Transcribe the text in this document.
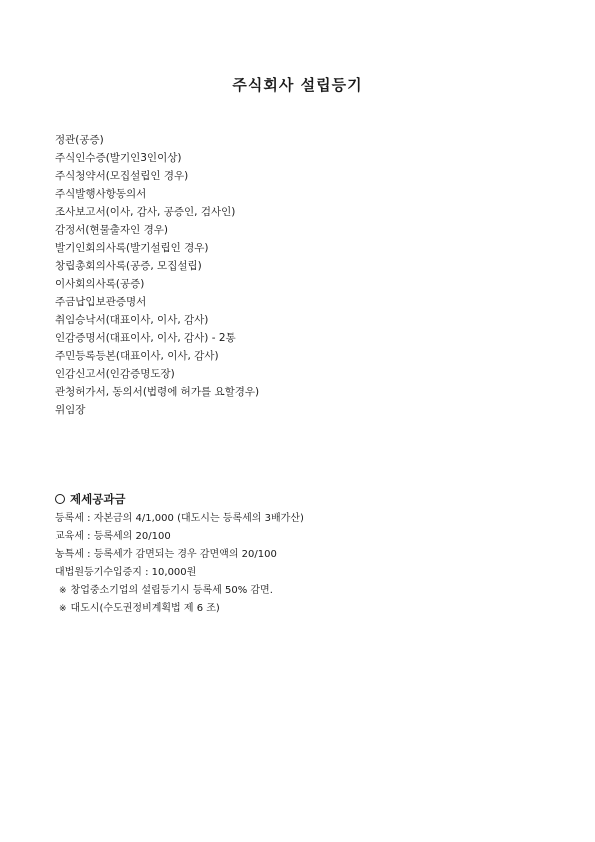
주식회사 설립등기
정관(공증)
주식인수증(발기인3인이상)
주식청약서(모집설립인 경우)
주식발행사항동의서
조사보고서(이사, 감사, 공증인, 검사인)
감정서(현물출자인 경우)
발기인회의사록(발기설립인 경우)
창립총회의사록(공증, 모집설립)
이사회의사록(공증)
주금납입보관증명서
취임승낙서(대표이사, 이사, 감사)
인감증명서(대표이사, 이사, 감사) - 2통
주민등록등본(대표이사, 이사, 감사)
인감신고서(인감증명도장)
관청허가서, 동의서(법령에 허가를 요할경우)
위임장
제세공과금
등록세 : 자본금의 4/1,000 (대도시는 등록세의 3배가산)
교육세 : 등록세의 20/100
농특세 : 등록세가 감면되는 경우 감면액의 20/100
대법원등기수입증지 : 10,000원
※ 창업중소기업의 설립등기시 등록세 50% 감면.
※ 대도시(수도권정비계획법 제 6 조)
